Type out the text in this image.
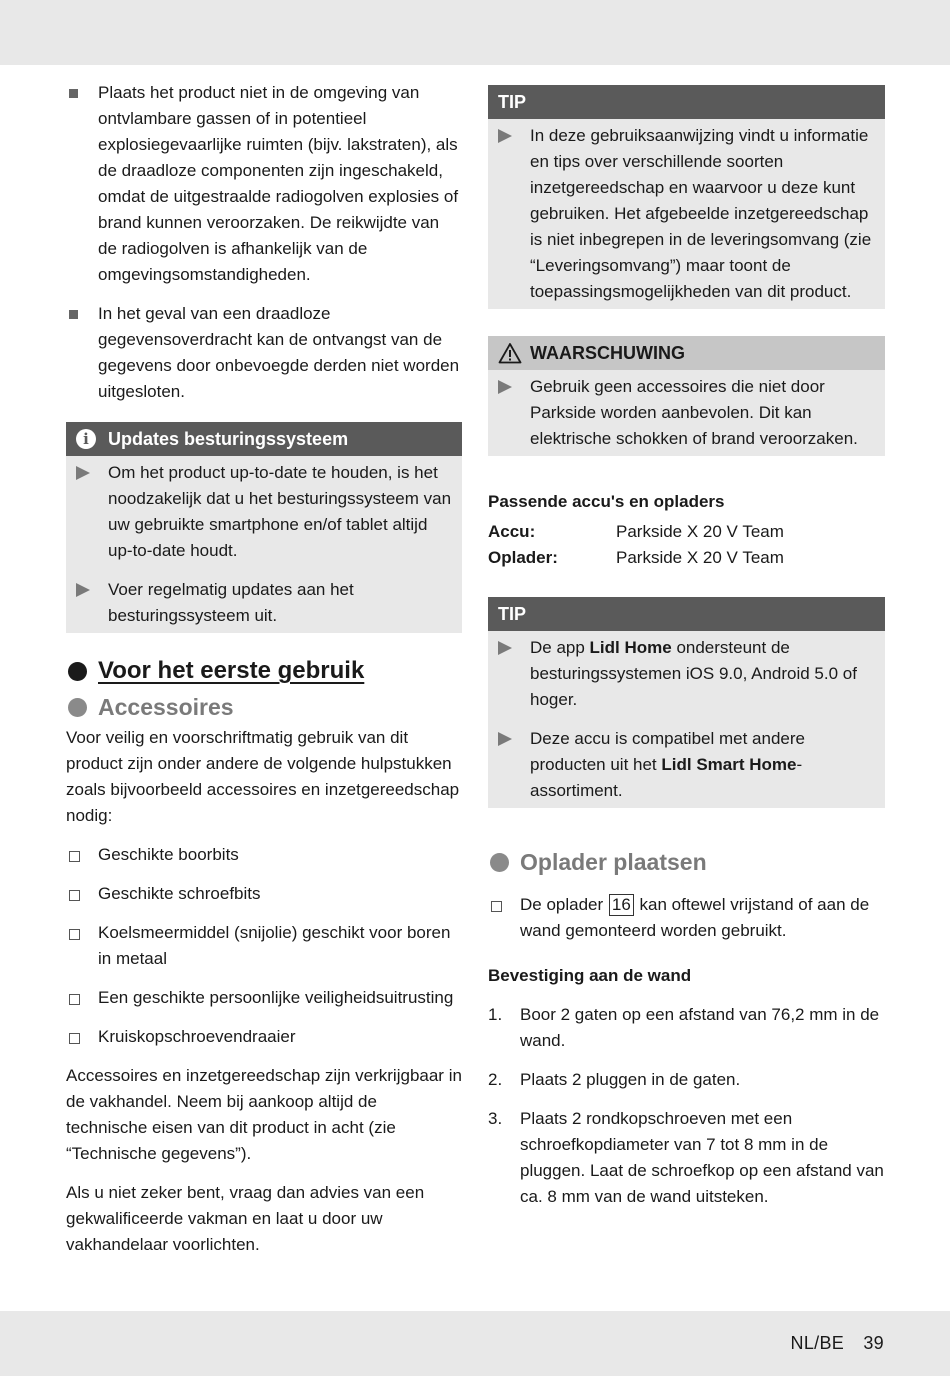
Plaats het product niet in de omgeving van ontvlambare gassen of in potentieel explosiegevaarlijke ruimten (bijv. lakstraten), als de draadloze componenten zijn ingeschakeld, omdat de uitgestraalde radiogolven explosies of brand kunnen veroorzaken. De reikwijdte van de radiogolven is afhankelijk van de omgevingsomstandigheden.
In het geval van een draadloze gegevensoverdracht kan de ontvangst van de gegevens door onbevoegde derden niet worden uitgesloten.
i	Updates besturingssysteem
Om het product up-to-date te houden, is het noodzakelijk dat u het besturingssysteem van uw gebruikte smartphone en/of tablet altijd up-to-date houdt.
Voer regelmatig updates aan het besturingssysteem uit.
Voor het eerste gebruik
Accessoires

Voor veilig en voorschriftmatig gebruik van dit product zijn onder andere de volgende hulpstukken zoals bijvoorbeeld accessoires en inzetgereedschap nodig:

Geschikte boorbits
Geschikte schroefbits
Koelsmeermiddel (snijolie) geschikt voor boren in metaal
Een geschikte persoonlijke veiligheidsuitrusting
Kruiskopschroevendraaier

Accessoires en inzetgereedschap zijn verkrijgbaar in de vakhandel. Neem bij aankoop altijd de technische eisen van dit product in acht (zie “Technische gegevens”).

Als u niet zeker bent, vraag dan advies van een gekwalificeerde vakman en laat u door uw vakhandelaar voorlichten.

TIP
In deze gebruiksaanwijzing vindt u informatie en tips over verschillende soorten inzetgereedschap en waarvoor u deze kunt gebruiken. Het afgebeelde inzetgereedschap is niet inbegrepen in de leveringsomvang (zie “Leveringsomvang”) maar toont de toepassingsmogelijkheden van dit product.
WAARSCHUWING
Gebruik geen accessoires die niet door Parkside worden aanbevolen. Dit kan elektrische schokken of brand veroorzaken.
Passende accu's en opladers
Accu:	Parkside X 20 V Team
Oplader:	Parkside X 20 V Team
TIP
De app Lidl Home ondersteunt de besturingssystemen iOS 9.0, Android 5.0 of hoger.
Deze accu is compatibel met andere producten uit het Lidl Smart Home-assortiment.
Oplader plaatsen
De oplader 16 kan oftewel vrijstand of aan de wand gemonteerd worden gebruikt.
Bevestiging aan de wand
1. Boor 2 gaten op een afstand van 76,2 mm in de wand.
2. Plaats 2 pluggen in de gaten.
3. Plaats 2 rondkopschroeven met een schroefkopdiameter van 7 tot 8 mm in de pluggen. Laat de schroefkop op een afstand van ca. 8 mm van de wand uitsteken.
NL/BE 39
